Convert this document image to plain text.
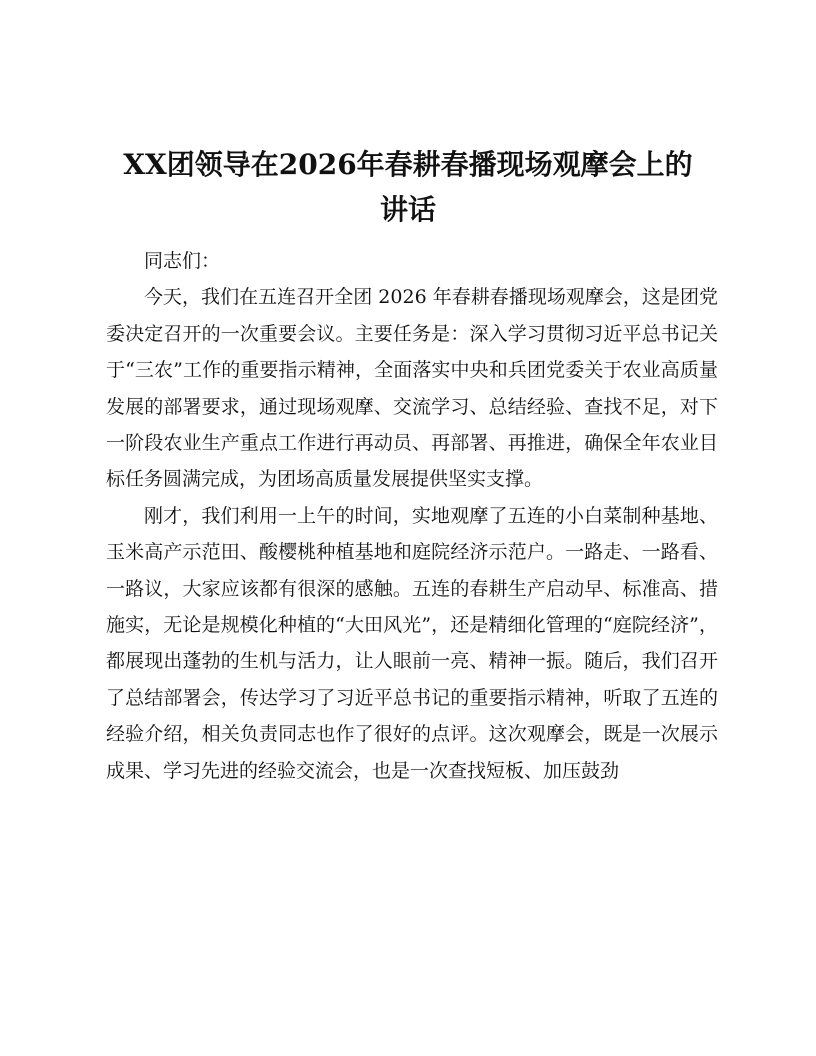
XX团领导在2026年春耕春播现场观摩会上的
讲话

同志们：

今天，我们在五连召开全团 2026 年春耕春播现场观摩会，这是团党委决定召开的一次重要会议。主要任务是：深入学习贯彻习近平总书记关于“三农”工作的重要指示精神，全面落实中央和兵团党委关于农业高质量发展的部署要求，通过现场观摩、交流学习、总结经验、查找不足，对下一阶段农业生产重点工作进行再动员、再部署、再推进，确保全年农业目标任务圆满完成，为团场高质量发展提供坚实支撑。

刚才，我们利用一上午的时间，实地观摩了五连的小白菜制种基地、玉米高产示范田、酸樱桃种植基地和庭院经济示范户。一路走、一路看、一路议，大家应该都有很深的感触。五连的春耕生产启动早、标准高、措施实，无论是规模化种植的“大田风光”，还是精细化管理的“庭院经济”，都展现出蓬勃的生机与活力，让人眼前一亮、精神一振。随后，我们召开了总结部署会，传达学习了习近平总书记的重要指示精神，听取了五连的经验介绍，相关负责同志也作了很好的点评。这次观摩会，既是一次展示成果、学习先进的经验交流会，也是一次查找短板、加压鼓劲
